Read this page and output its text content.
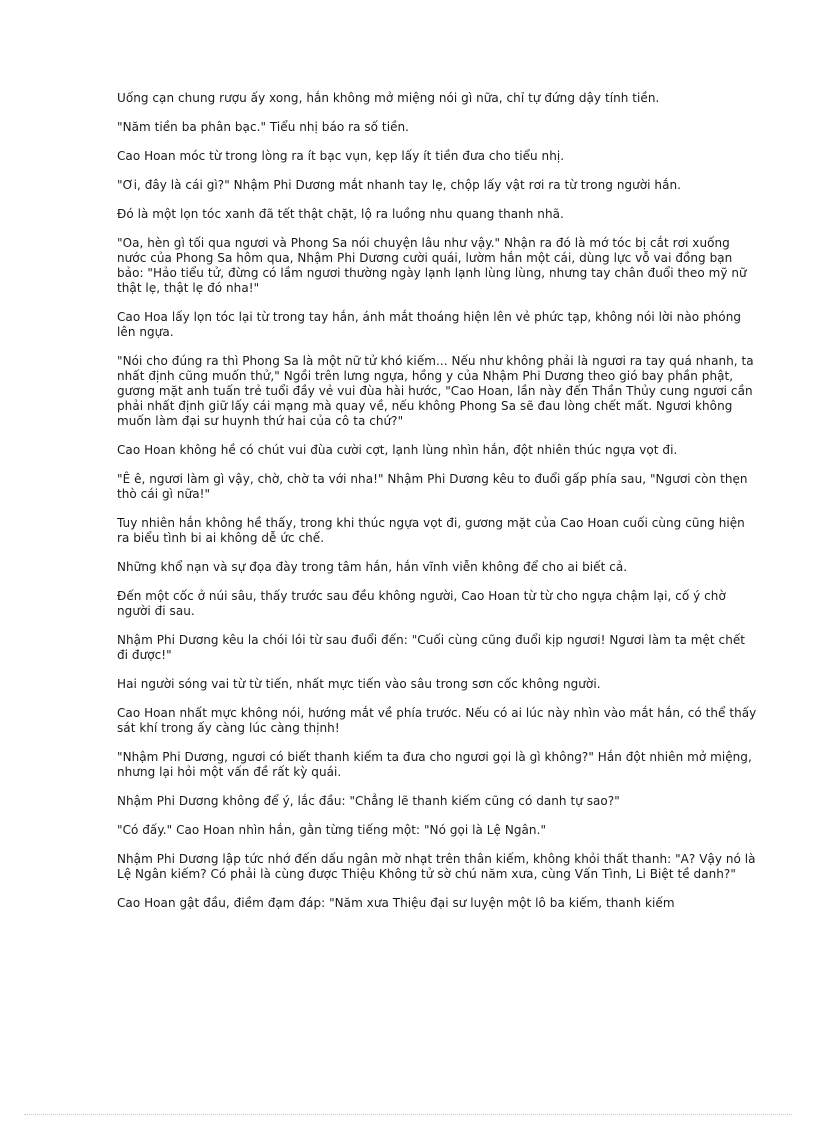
Uống cạn chung rượu ấy xong, hắn không mở miệng nói gì nữa, chỉ tự đứng dậy tính tiền.

"Năm tiền ba phân bạc." Tiểu nhị báo ra số tiền.

Cao Hoan móc từ trong lòng ra ít bạc vụn, kẹp lấy ít tiền đưa cho tiểu nhị.

"Ơi, đây là cái gì?" Nhậm Phi Dương mắt nhanh tay lẹ, chộp lấy vật rơi ra từ trong người hắn.

Đó là một lọn tóc xanh đã tết thật chặt, lộ ra luồng nhu quang thanh nhã.

"Oa, hèn gì tối qua ngươi và Phong Sa nói chuyện lâu như vậy." Nhận ra đó là mớ tóc bị cắt rơi xuống nước của Phong Sa hôm qua, Nhậm Phi Dương cười quái, lườm hắn một cái, dùng lực vỗ vai đồng bạn bảo: "Hảo tiểu tử, đừng có lầm ngươi thường ngày lạnh lạnh lùng lùng, nhưng tay chân đuổi theo mỹ nữ thật lẹ, thật lẹ đó nha!"

Cao Hoa lấy lọn tóc lại từ trong tay hắn, ánh mắt thoáng hiện lên vẻ phức tạp, không nói lời nào phóng lên ngựa.

"Nói cho đúng ra thì Phong Sa là một nữ tử khó kiếm... Nếu như không phải là ngươi ra tay quá nhanh, ta nhất định cũng muốn thử," Ngồi trên lưng ngựa, hồng y của Nhậm Phi Dương theo gió bay phần phật, gương mặt anh tuấn trẻ tuổi đầy vẻ vui đùa hài hước, "Cao Hoan, lần này đến Thần Thủy cung ngươi cần phải nhất định giữ lấy cái mạng mà quay về, nếu không Phong Sa sẽ đau lòng chết mất. Ngươi không muốn làm đại sư huynh thứ hai của cô ta chứ?"

Cao Hoan không hề có chút vui đùa cười cợt, lạnh lùng nhìn hắn, đột nhiên thúc ngựa vọt đi.

"Ê ê, ngươi làm gì vậy, chờ, chờ ta với nha!" Nhậm Phi Dương kêu to đuổi gấp phía sau, "Ngươi còn thẹn thò cái gì nữa!"

Tuy nhiên hắn không hề thấy, trong khi thúc ngựa vọt đi, gương mặt của Cao Hoan cuối cùng cũng hiện ra biểu tình bi ai không dễ ức chế.

Những khổ nạn và sự đọa đày trong tâm hắn, hắn vĩnh viễn không để cho ai biết cả.

Đến một cốc ở núi sâu, thấy trước sau đều không người, Cao Hoan từ từ cho ngựa chậm lại, cố ý chờ người đi sau.

Nhậm Phi Dương kêu la chói lói từ sau đuổi đến: "Cuối cùng cũng đuổi kịp ngươi! Ngươi làm ta mệt chết đi được!"

Hai người sóng vai từ từ tiến, nhất mực tiến vào sâu trong sơn cốc không người.

Cao Hoan nhất mực không nói, hướng mắt về phía trước. Nếu có ai lúc này nhìn vào mắt hắn, có thể thấy sát khí trong ấy càng lúc càng thịnh!

"Nhậm Phi Dương, ngươi có biết thanh kiếm ta đưa cho ngươi gọi là gì không?" Hắn đột nhiên mở miệng, nhưng lại hỏi một vấn đề rất kỳ quái.

Nhậm Phi Dương không để ý, lắc đầu: "Chẳng lẽ thanh kiếm cũng có danh tự sao?"

"Có đấy." Cao Hoan nhìn hắn, gằn từng tiếng một: "Nó gọi là Lệ Ngân."

Nhậm Phi Dương lập tức nhớ đến dấu ngân mờ nhạt trên thân kiếm, không khỏi thất thanh: "A? Vậy nó là Lệ Ngân kiếm? Có phải là cùng được Thiệu Không tử sờ chú năm xưa, cùng Vấn Tình, Li Biệt tề danh?"

Cao Hoan gật đầu, điềm đạm đáp: "Năm xưa Thiệu đại sư luyện một lô ba kiếm, thanh kiếm
